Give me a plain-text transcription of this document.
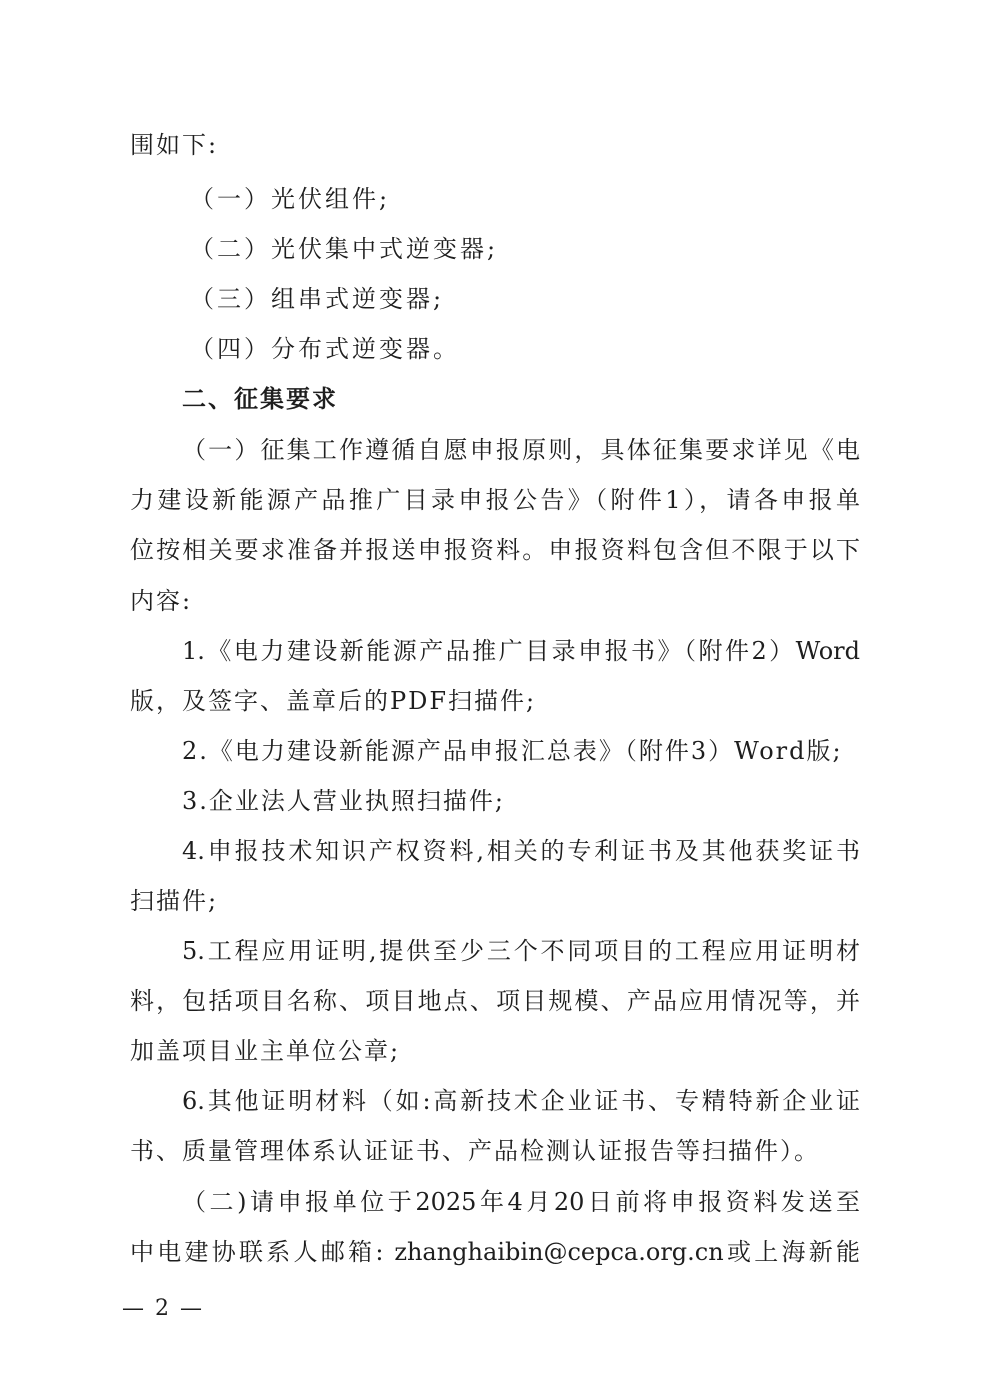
围如下:
（一）光伏组件;
（二）光伏集中式逆变器;
（三）组串式逆变器;
（四）分布式逆变器。
二、征集要求
（一）征集工作遵循自愿申报原则，具体征集要求详见《电
力建设新能源产品推广目录申报公告》（附件1），请各申报单
位按相关要求准备并报送申报资料。申报资料包含但不限于以下
内容:
1.《电力建设新能源产品推广目录申报书》（附件2）Word
版，及签字、盖章后的PDF扫描件;
2.《电力建设新能源产品申报汇总表》（附件3）Word版;
3.企业法人营业执照扫描件;
4.申报技术知识产权资料,相关的专利证书及其他获奖证书
扫描件;
5.工程应用证明,提供至少三个不同项目的工程应用证明材
料，包括项目名称、项目地点、项目规模、产品应用情况等，并
加盖项目业主单位公章;
6.其他证明材料（如:高新技术企业证书、专精特新企业证
书、质量管理体系认证证书、产品检测认证报告等扫描件）。
（二)请申报单位于2025年4月20日前将申报资料发送至
中电建协联系人邮箱: zhanghaibin@cepca.org.cn或上海新能
— 2 —
